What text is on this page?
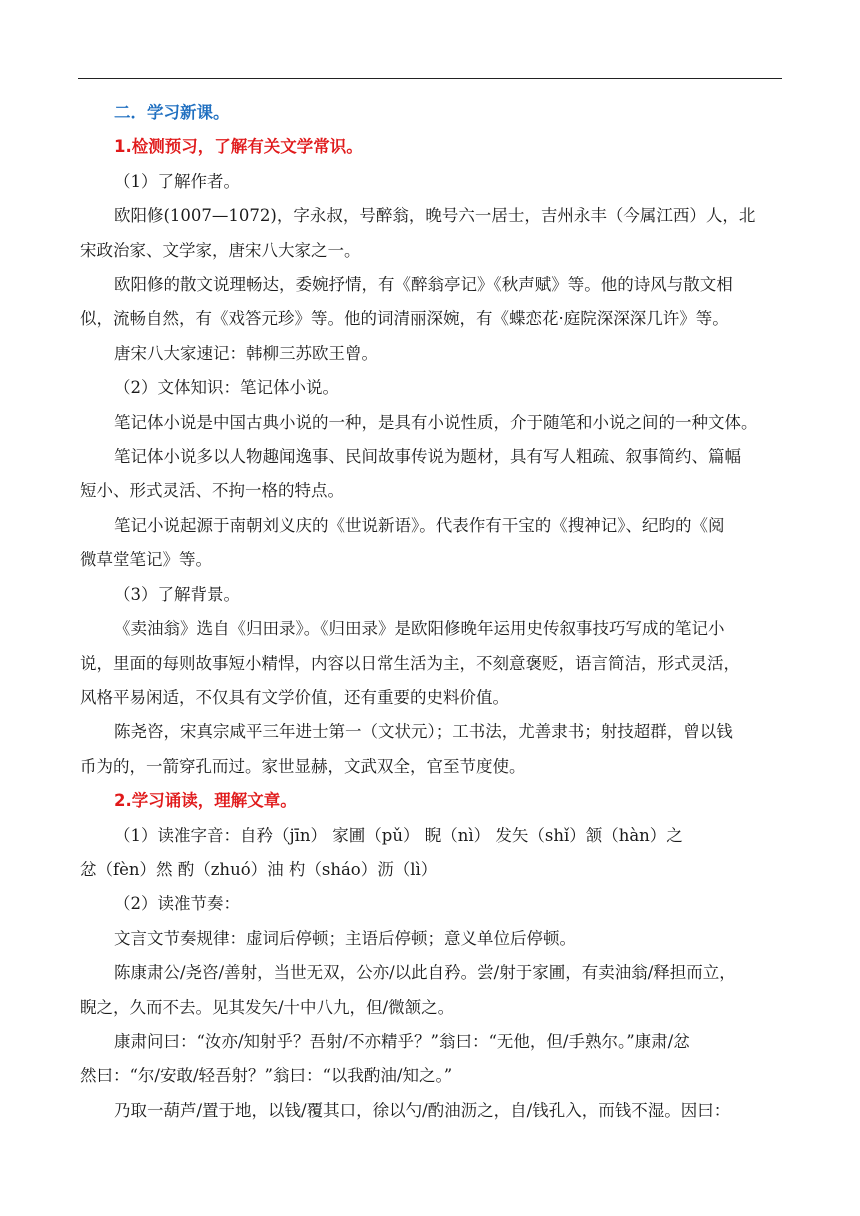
二．学习新课。

1.检测预习，了解有关文学常识。

（1）了解作者。

欧阳修(1007—1072)，字永叔，号醉翁，晚号六一居士，吉州永丰（今属江西）人，北

宋政治家、文学家，唐宋八大家之一。

欧阳修的散文说理畅达，委婉抒情，有《醉翁亭记》《秋声赋》等。他的诗风与散文相

似，流畅自然，有《戏答元珍》等。他的词清丽深婉，有《蝶恋花·庭院深深深几许》等。

唐宋八大家速记：韩柳三苏欧王曾。

（2）文体知识：笔记体小说。

笔记体小说是中国古典小说的一种，是具有小说性质，介于随笔和小说之间的一种文体。

笔记体小说多以人物趣闻逸事、民间故事传说为题材，具有写人粗疏、叙事简约、篇幅

短小、形式灵活、不拘一格的特点。

笔记小说起源于南朝刘义庆的《世说新语》。代表作有干宝的《搜神记》、纪昀的《阅

微草堂笔记》等。

（3）了解背景。

《卖油翁》选自《归田录》。《归田录》是欧阳修晚年运用史传叙事技巧写成的笔记小

说，里面的每则故事短小精悍，内容以日常生活为主，不刻意褒贬，语言简洁，形式灵活，

风格平易闲适，不仅具有文学价值，还有重要的史料价值。

陈尧咨，宋真宗咸平三年进士第一（文状元）；工书法，尤善隶书；射技超群，曾以钱

币为的，一箭穿孔而过。家世显赫，文武双全，官至节度使。

2.学习诵读，理解文章。

（1）读准字音：自矜（jīn） 家圃（pǔ） 睨（nì） 发矢（shǐ）颔（hàn）之

忿（fèn）然 酌（zhuó）油 杓（sháo）沥（lì）

（2）读准节奏：

文言文节奏规律：虚词后停顿；主语后停顿；意义单位后停顿。

陈康肃公/尧咨/善射，当世无双，公亦/以此自矜。尝/射于家圃，有卖油翁/释担而立，

睨之，久而不去。见其发矢/十中八九，但/微颔之。

康肃问曰：“汝亦/知射乎？吾射/不亦精乎？”翁曰：“无他，但/手熟尔。”康肃/忿

然曰：“尔/安敢/轻吾射？”翁曰：“以我酌油/知之。”

乃取一葫芦/置于地，以钱/覆其口，徐以勺/酌油沥之，自/钱孔入，而钱不湿。因曰：
